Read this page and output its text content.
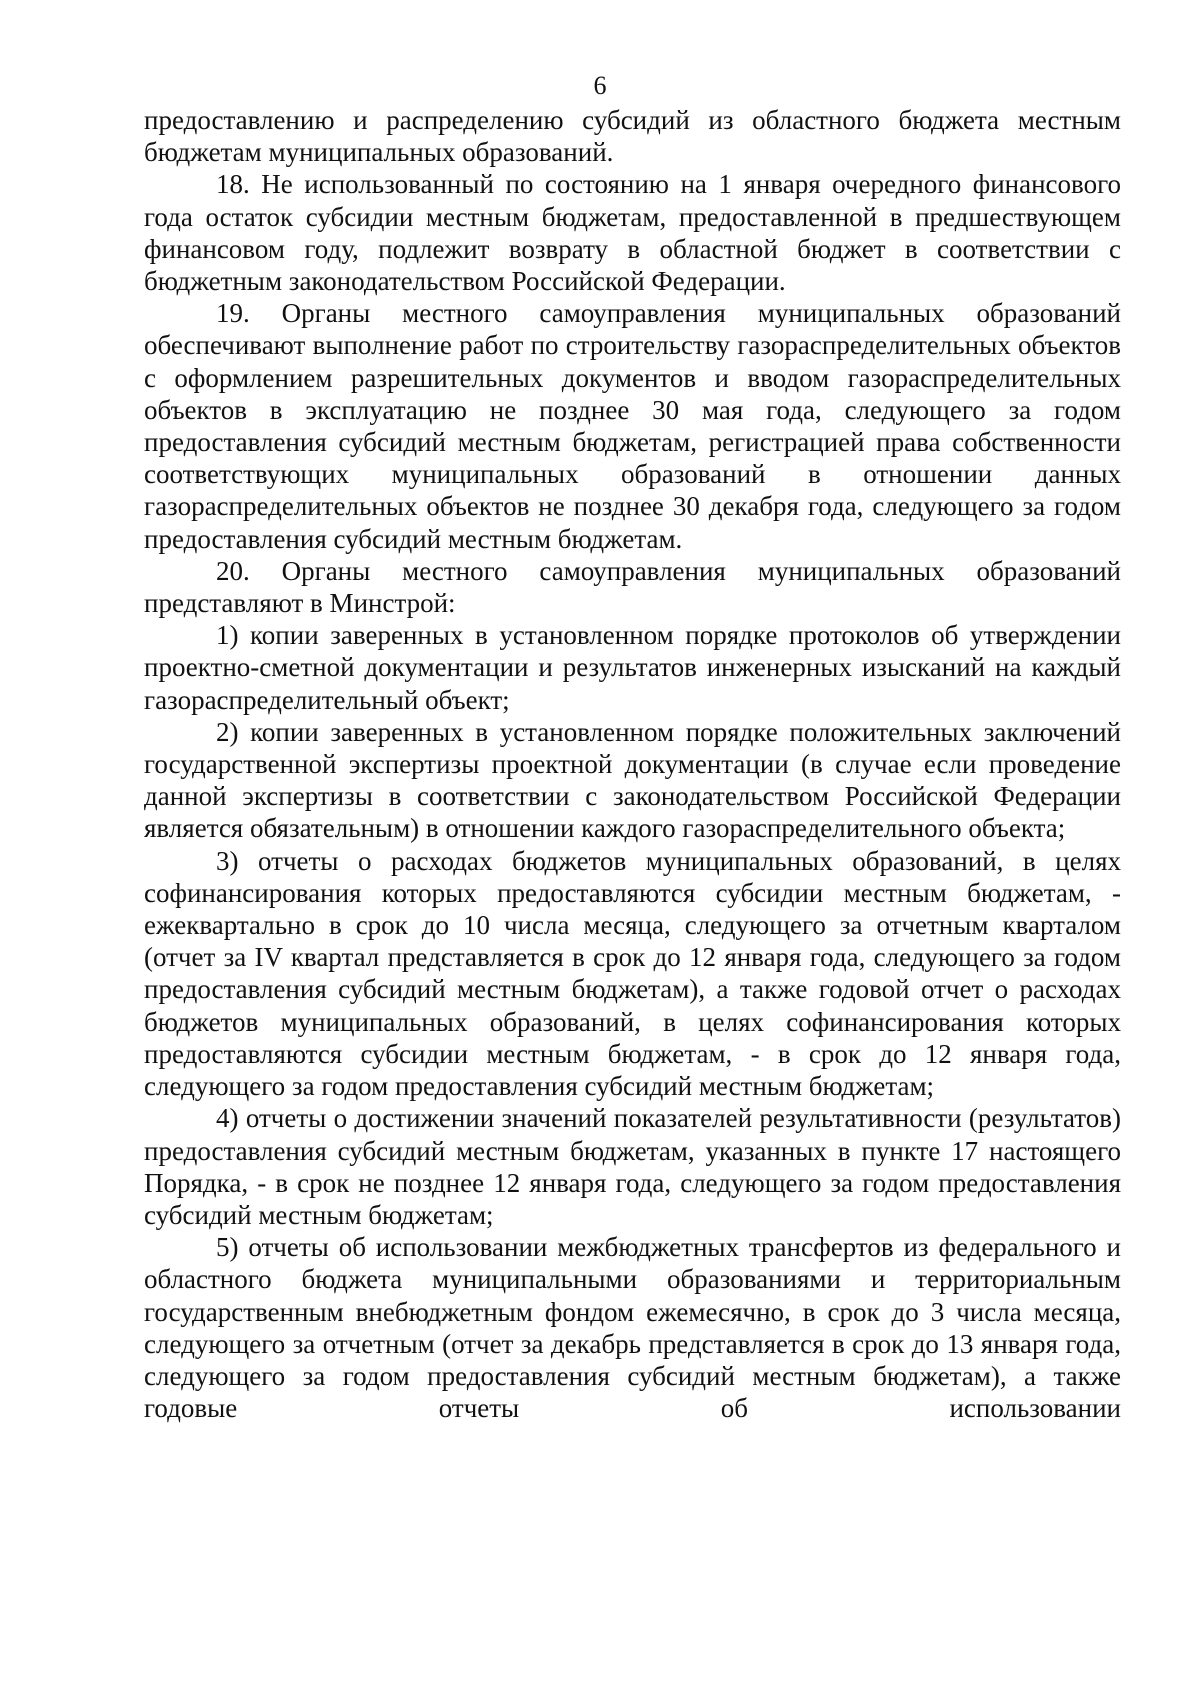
6

предоставлению и распределению субсидий из областного бюджета местным бюджетам муниципальных образований.

18. Не использованный по состоянию на 1 января очередного финансового года остаток субсидии местным бюджетам, предоставленной в предшествующем финансовом году, подлежит возврату в областной бюджет в соответствии с бюджетным законодательством Российской Федерации.

19. Органы местного самоуправления муниципальных образований обеспечивают выполнение работ по строительству газораспределительных объектов с оформлением разрешительных документов и вводом газораспределительных объектов в эксплуатацию не позднее 30 мая года, следующего за годом предоставления субсидий местным бюджетам, регистрацией права собственности соответствующих муниципальных образований в отношении данных газораспределительных объектов не позднее 30 декабря года, следующего за годом предоставления субсидий местным бюджетам.

20. Органы местного самоуправления муниципальных образований представляют в Минстрой:

1) копии заверенных в установленном порядке протоколов об утверждении проектно-сметной документации и результатов инженерных изысканий на каждый газораспределительный объект;

2) копии заверенных в установленном порядке положительных заключений государственной экспертизы проектной документации (в случае если проведение данной экспертизы в соответствии с законодательством Российской Федерации является обязательным) в отношении каждого газораспределительного объекта;

3) отчеты о расходах бюджетов муниципальных образований, в целях софинансирования которых предоставляются субсидии местным бюджетам, - ежеквартально в срок до 10 числа месяца, следующего за отчетным кварталом (отчет за IV квартал представляется в срок до 12 января года, следующего за годом предоставления субсидий местным бюджетам), а также годовой отчет о расходах бюджетов муниципальных образований, в целях софинансирования которых предоставляются субсидии местным бюджетам, - в срок до 12 января года, следующего за годом предоставления субсидий местным бюджетам;

4) отчеты о достижении значений показателей результативности (результатов) предоставления субсидий местным бюджетам, указанных в пункте 17 настоящего Порядка, - в срок не позднее 12 января года, следующего за годом предоставления субсидий местным бюджетам;

5) отчеты об использовании межбюджетных трансфертов из федерального и областного бюджета муниципальными образованиями и территориальным государственным внебюджетным фондом ежемесячно, в срок до 3 числа месяца, следующего за отчетным (отчет за декабрь представляется в срок до 13 января года, следующего за годом предоставления субсидий местным бюджетам), а также годовые отчеты об использовании
